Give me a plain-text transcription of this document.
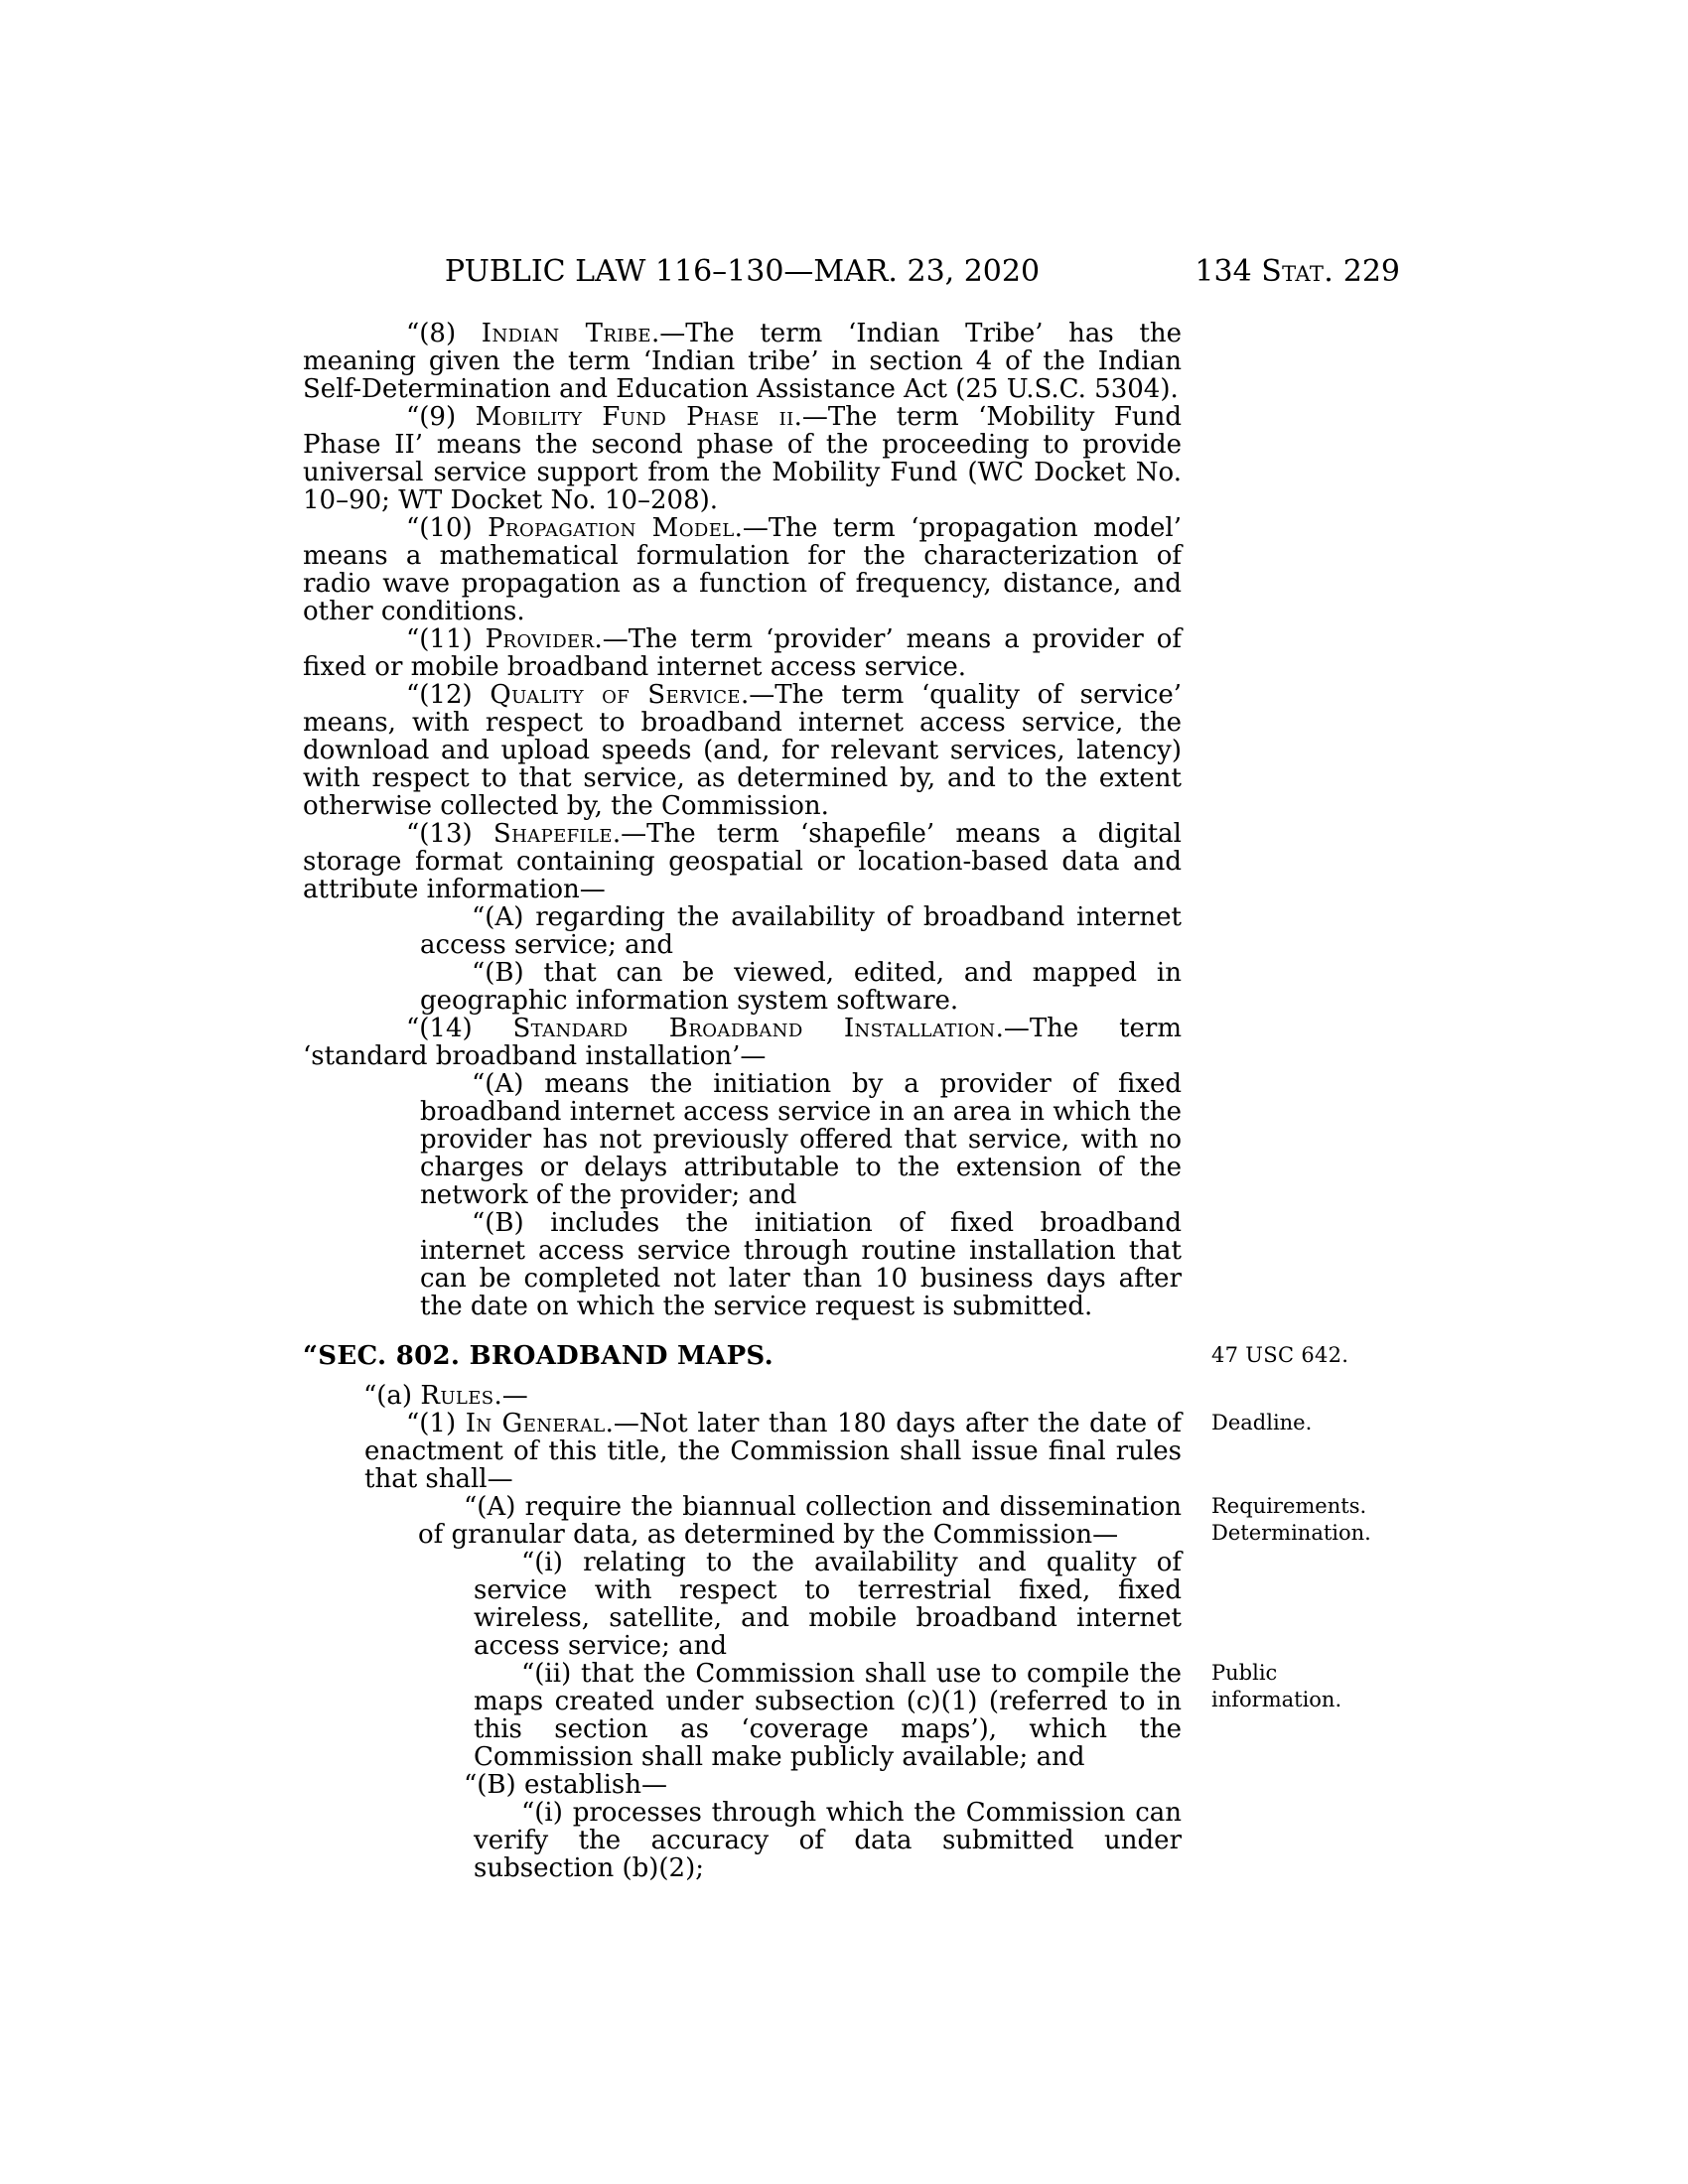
PUBLIC LAW 116–130—MAR. 23, 2020	134 Stat. 229
“(8) Indian Tribe.—The term ‘Indian Tribe’ has the meaning given the term ‘Indian tribe’ in section 4 of the Indian Self-Determination and Education Assistance Act (25 U.S.C. 5304).
“(9) Mobility Fund Phase ii.—The term ‘Mobility Fund Phase II’ means the second phase of the proceeding to provide universal service support from the Mobility Fund (WC Docket No. 10–90; WT Docket No. 10–208).
“(10) Propagation Model.—The term ‘propagation model’ means a mathematical formulation for the characterization of radio wave propagation as a function of frequency, distance, and other conditions.
“(11) Provider.—The term ‘provider’ means a provider of fixed or mobile broadband internet access service.
“(12) Quality of Service.—The term ‘quality of service’ means, with respect to broadband internet access service, the download and upload speeds (and, for relevant services, latency) with respect to that service, as determined by, and to the extent otherwise collected by, the Commission.
“(13) Shapefile.—The term ‘shapefile’ means a digital storage format containing geospatial or location-based data and attribute information—
“(A) regarding the availability of broadband internet access service; and
“(B) that can be viewed, edited, and mapped in geographic information system software.
“(14) Standard Broadband Installation.—The term ‘standard broadband installation’—
“(A) means the initiation by a provider of fixed broadband internet access service in an area in which the provider has not previously offered that service, with no charges or delays attributable to the extension of the network of the provider; and
“(B) includes the initiation of fixed broadband internet access service through routine installation that can be completed not later than 10 business days after the date on which the service request is submitted.
“SEC. 802. BROADBAND MAPS.	47 USC 642.
“(a) Rules.—
“(1) In General.—Not later than 180 days after the date of enactment of this title, the Commission shall issue final rules that shall—
Deadline.
“(A) require the biannual collection and dissemination of granular data, as determined by the Commission—
Requirements.
Determination.
“(i) relating to the availability and quality of service with respect to terrestrial fixed, fixed wireless, satellite, and mobile broadband internet access service; and
“(ii) that the Commission shall use to compile the maps created under subsection (c)(1) (referred to in this section as ‘coverage maps’), which the Commission shall make publicly available; and
Public
information.
“(B) establish—
“(i) processes through which the Commission can verify the accuracy of data submitted under subsection (b)(2);
